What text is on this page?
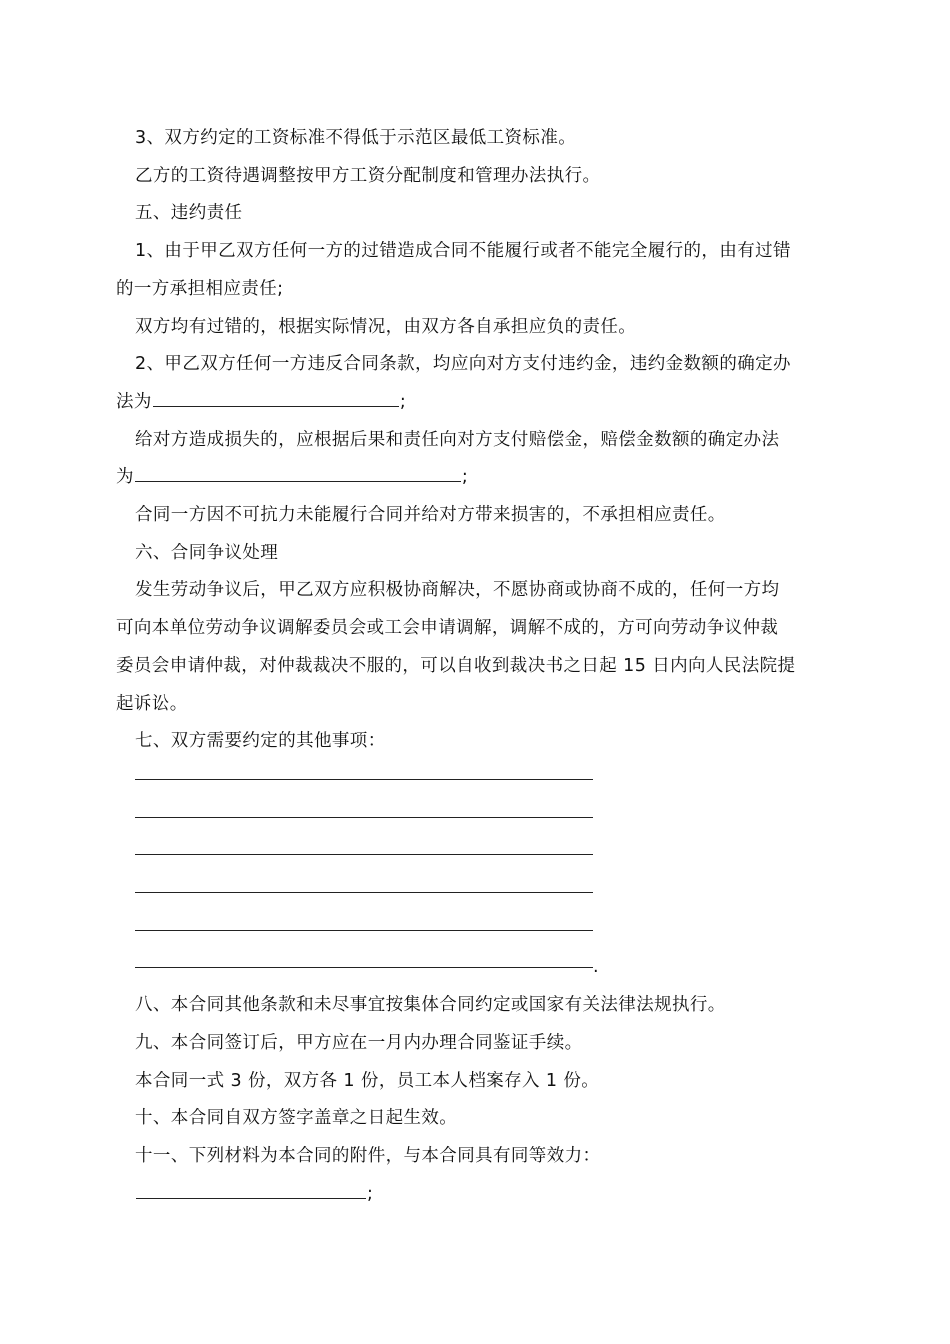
3、双方约定的工资标准不得低于示范区最低工资标准。
乙方的工资待遇调整按甲方工资分配制度和管理办法执行。
五、违约责任
1、由于甲乙双方任何一方的过错造成合同不能履行或者不能完全履行的，由有过错
的一方承担相应责任;
双方均有过错的，根据实际情况，由双方各自承担应负的责任。
2、甲乙双方任何一方违反合同条款，均应向对方支付违约金，违约金数额的确定办
法为	;
给对方造成损失的，应根据后果和责任向对方支付赔偿金，赔偿金数额的确定办法
为	;
合同一方因不可抗力未能履行合同并给对方带来损害的，不承担相应责任。
六、合同争议处理
发生劳动争议后，甲乙双方应积极协商解决，不愿协商或协商不成的，任何一方均
可向本单位劳动争议调解委员会或工会申请调解，调解不成的，方可向劳动争议仲裁
委员会申请仲裁，对仲裁裁决不服的，可以自收到裁决书之日起 15 日内向人民法院提
起诉讼。
七、双方需要约定的其他事项：
.
八、本合同其他条款和未尽事宜按集体合同约定或国家有关法律法规执行。
九、本合同签订后，甲方应在一月内办理合同鉴证手续。
本合同一式 3 份，双方各 1 份，员工本人档案存入 1 份。
十、本合同自双方签字盖章之日起生效。
十一、下列材料为本合同的附件，与本合同具有同等效力：
;
